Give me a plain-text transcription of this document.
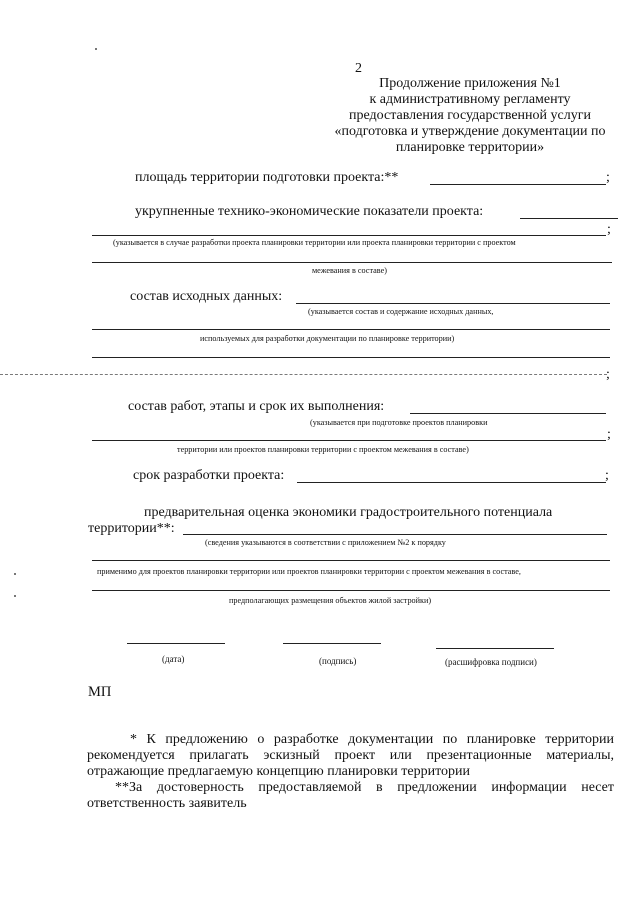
2
Продолжение приложения №1
к административному регламенту
предоставления государственной услуги
«подготовка и утверждение документации по
планировке территории»
площадь территории подготовки проекта:**	;
укрупненные технико-экономические показатели проекта:
;
(указывается в случае разработки проекта планировки территории или проекта планировки территории с проектом
межевания в составе)
состав исходных данных:
(указывается состав и содержание исходных данных,
используемых для разработки документации по планировке территории)
;
состав работ, этапы и срок их выполнения:
(указывается при подготовке проектов планировки
;
территории или проектов планировки территории с проектом межевания в составе)
срок разработки проекта:	;
предварительная оценка экономики градостроительного потенциала
территории**:
(сведения указываются в соответствии с приложением №2 к порядку
применимо для проектов планировки территории или проектов планировки территории с проектом межевания в составе,
предполагающих размещения объектов жилой застройки)
(дата)	(подпись)	(расшифровка подписи)
МП
* К предложению о разработке документации по планировке территории
рекомендуется прилагать эскизный проект или презентационные материалы,
отражающие предлагаемую концепцию планировки территории
**За достоверность предоставляемой в предложении информации несет
ответственность заявитель
